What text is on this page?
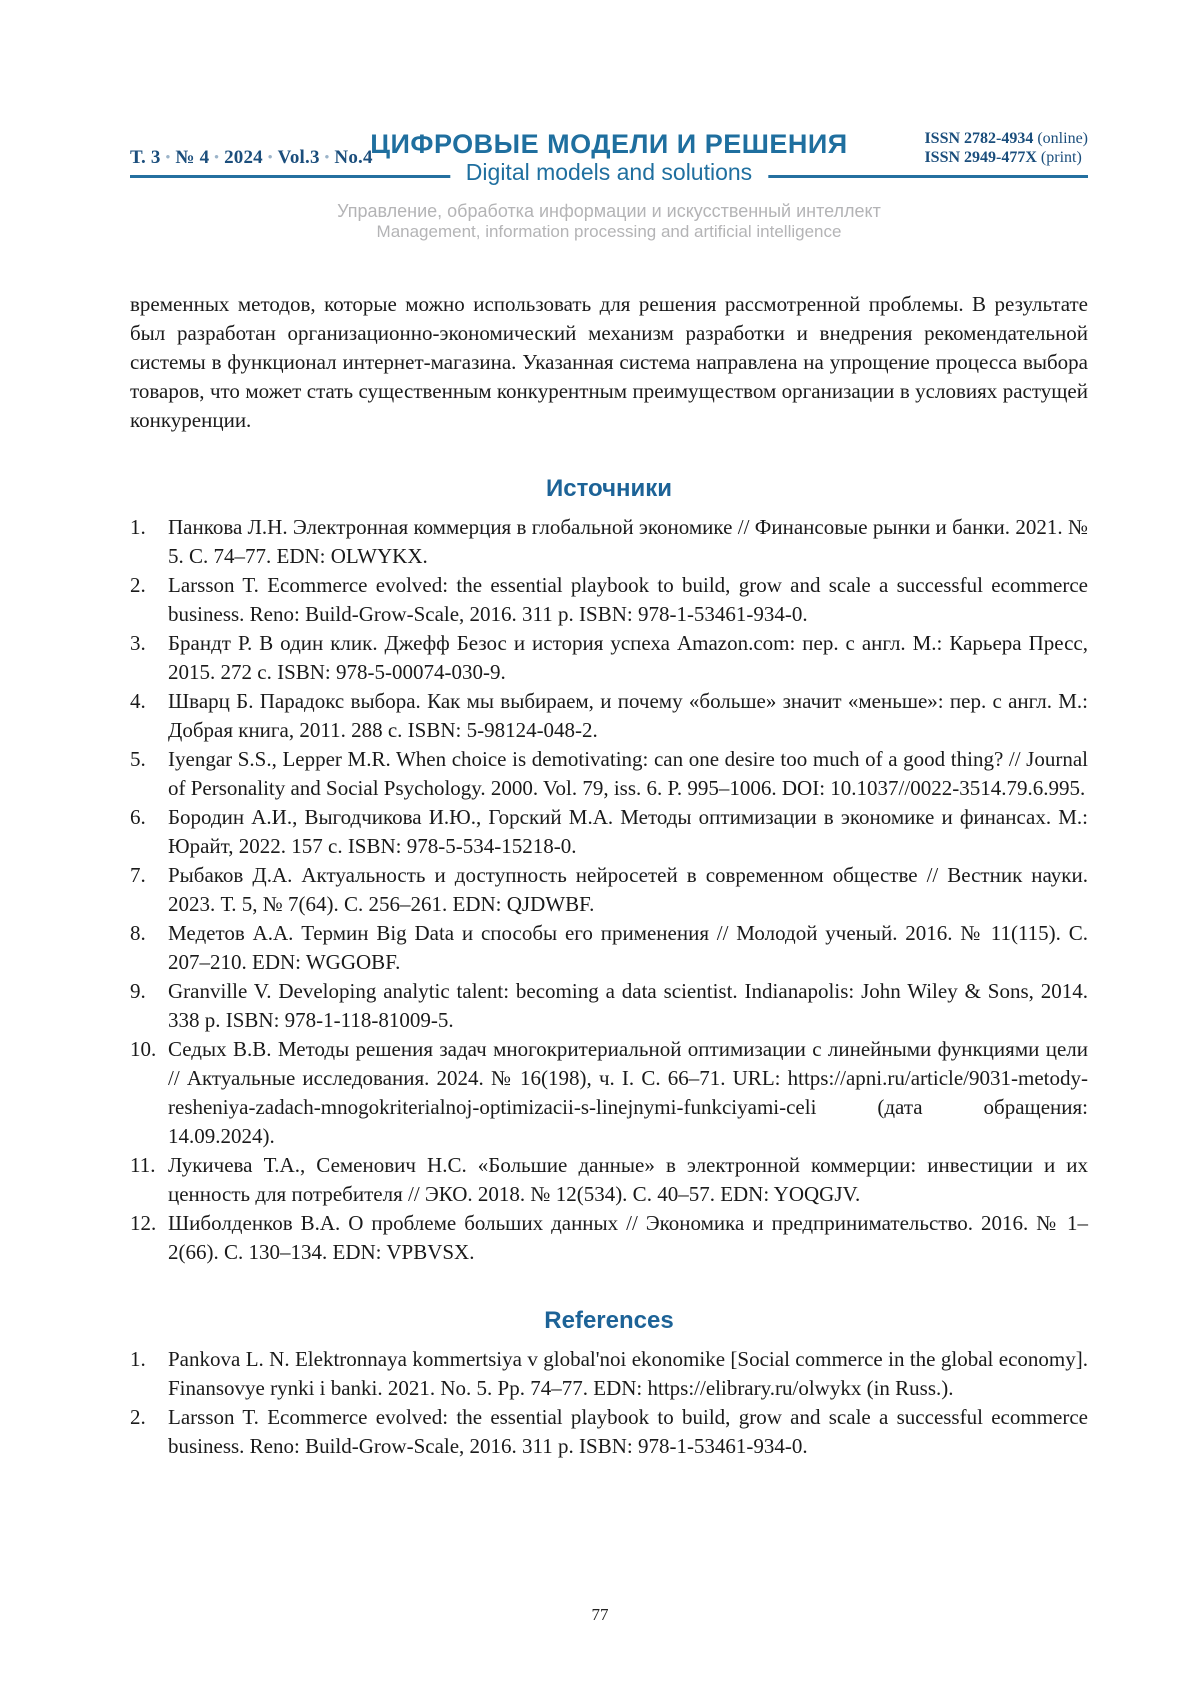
Т. 3 • № 4 • 2024 • Vol.3 • No.4
ЦИФРОВЫЕ МОДЕЛИ И РЕШЕНИЯ
Digital models and solutions
ISSN 2782-4934 (online)
ISSN 2949-477X (print)
Управление, обработка информации и искусственный интеллект
Management, information processing and artificial intelligence

временных методов, которые можно использовать для решения рассмотренной проблемы. В результате был разработан организационно-экономический механизм разработки и внедрения рекомендательной системы в функционал интернет-магазина. Указанная система направлена на упрощение процесса выбора товаров, что может стать существенным конкурентным преимуществом организации в условиях растущей конкуренции.

Источники
1. Панкова Л.Н. Электронная коммерция в глобальной экономике // Финансовые рынки и банки. 2021. № 5. С. 74–77. EDN: OLWYKX.
2. Larsson T. Ecommerce evolved: the essential playbook to build, grow and scale a successful ecommerce business. Reno: Build-Grow-Scale, 2016. 311 p. ISBN: 978-1-53461-934-0.
3. Брандт Р. В один клик. Джефф Безос и история успеха Amazon.com: пер. с англ. М.: Карьера Пресс, 2015. 272 с. ISBN: 978-5-00074-030-9.
4. Шварц Б. Парадокс выбора. Как мы выбираем, и почему «больше» значит «меньше»: пер. с англ. М.: Добрая книга, 2011. 288 с. ISBN: 5-98124-048-2.
5. Iyengar S.S., Lepper M.R. When choice is demotivating: can one desire too much of a good thing? // Journal of Personality and Social Psychology. 2000. Vol. 79, iss. 6. P. 995–1006. DOI: 10.1037//0022-3514.79.6.995.
6. Бородин А.И., Выгодчикова И.Ю., Горский М.А. Методы оптимизации в экономике и финансах. М.: Юрайт, 2022. 157 с. ISBN: 978-5-534-15218-0.
7. Рыбаков Д.А. Актуальность и доступность нейросетей в современном обществе // Вестник науки. 2023. Т. 5, № 7(64). С. 256–261. EDN: QJDWBF.
8. Медетов А.А. Термин Big Data и способы его применения // Молодой ученый. 2016. № 11(115). С. 207–210. EDN: WGGOBF.
9. Granville V. Developing analytic talent: becoming a data scientist. Indianapolis: John Wiley & Sons, 2014. 338 p. ISBN: 978-1-118-81009-5.
10. Седых В.В. Методы решения задач многокритериальной оптимизации с линейными функциями цели // Актуальные исследования. 2024. № 16(198), ч. I. С. 66–71. URL: https://apni.ru/article/9031-metody-resheniya-zadach-mnogokriterialnoj-optimizacii-s-linejnymi-funkciyami-celi (дата обращения: 14.09.2024).
11. Лукичева Т.А., Семенович Н.С. «Большие данные» в электронной коммерции: инвестиции и их ценность для потребителя // ЭКО. 2018. № 12(534). С. 40–57. EDN: YOQGJV.
12. Шиболденков В.А. О проблеме больших данных // Экономика и предпринимательство. 2016. № 1–2(66). С. 130–134. EDN: VPBVSX.
References
1. Pankova L. N. Elektronnaya kommertsiya v global'noi ekonomike [Social commerce in the global economy]. Finansovye rynki i banki. 2021. No. 5. Pp. 74–77. EDN: https://elibrary.ru/olwykx (in Russ.).
2. Larsson T. Ecommerce evolved: the essential playbook to build, grow and scale a successful ecommerce business. Reno: Build-Grow-Scale, 2016. 311 p. ISBN: 978-1-53461-934-0.
77
